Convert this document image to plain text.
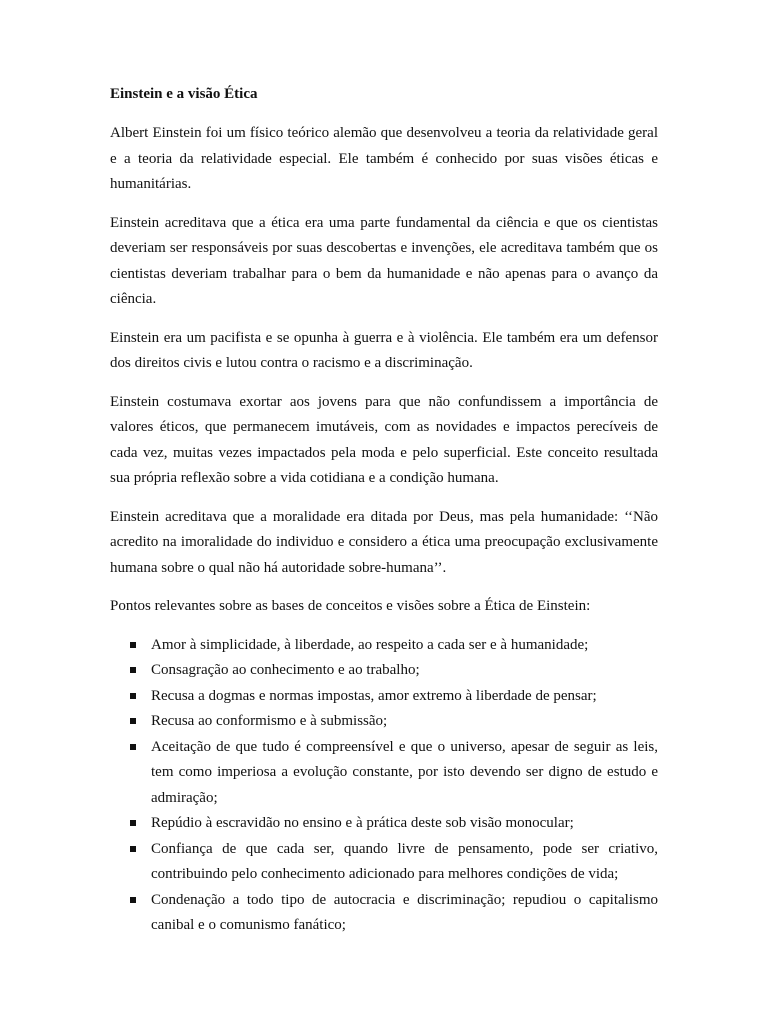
Einstein e a visão Ética

Albert Einstein foi um físico teórico alemão que desenvolveu a teoria da relatividade geral e a teoria da relatividade especial. Ele também é conhecido por suas visões éticas e humanitárias.

Einstein acreditava que a ética era uma parte fundamental da ciência e que os cientistas deveriam ser responsáveis por suas descobertas e invenções, ele acreditava também que os cientistas deveriam trabalhar para o bem da humanidade e não apenas para o avanço da ciência.

Einstein era um pacifista e se opunha à guerra e à violência. Ele também era um defensor dos direitos civis e lutou contra o racismo e a discriminação.

Einstein costumava exortar aos jovens para que não confundissem a importância de valores éticos, que permanecem imutáveis, com as novidades e impactos perecíveis de cada vez, muitas vezes impactados pela moda e pelo superficial. Este conceito resultada sua própria reflexão sobre a vida cotidiana e a condição humana.

Einstein acreditava que a moralidade era ditada por Deus, mas pela humanidade: ‘‘Não acredito na imoralidade do individuo e considero a ética uma preocupação exclusivamente humana sobre o qual não há autoridade sobre-humana’’.

Pontos relevantes sobre as bases de conceitos e visões sobre a Ética de Einstein:

Amor à simplicidade, à liberdade, ao respeito a cada ser e à humanidade;
Consagração ao conhecimento e ao trabalho;
Recusa a dogmas e normas impostas, amor extremo à liberdade de pensar;
Recusa ao conformismo e à submissão;
Aceitação de que tudo é compreensível e que o universo, apesar de seguir as leis, tem como imperiosa a evolução constante, por isto devendo ser digno de estudo e admiração;
Repúdio à escravidão no ensino e à prática deste sob visão monocular;
Confiança de que cada ser, quando livre de pensamento, pode ser criativo, contribuindo pelo conhecimento adicionado para melhores condições de vida;
Condenação a todo tipo de autocracia e discriminação; repudiou o capitalismo canibal e o comunismo fanático;
